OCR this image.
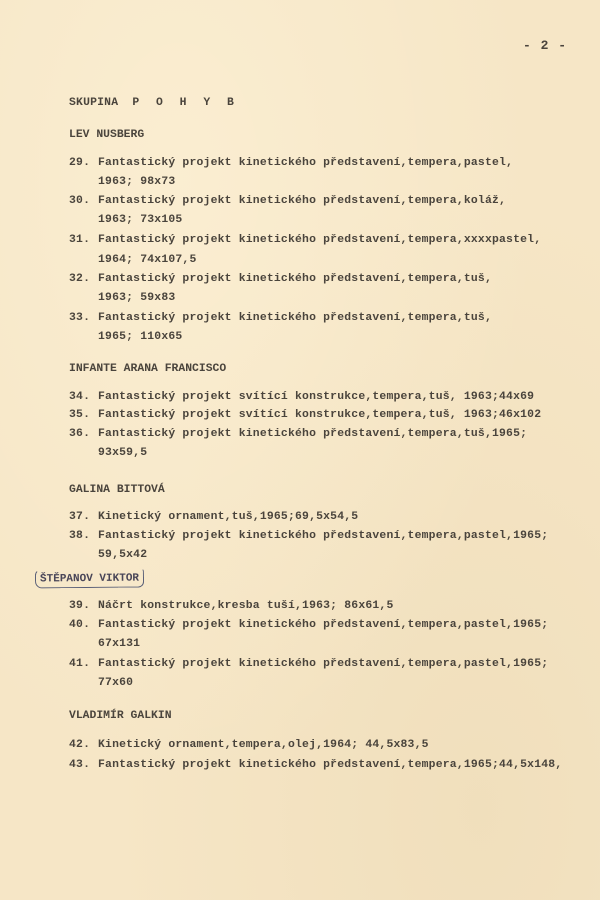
- 2 -
SKUPINA P O H Y B
LEV NUSBERG
29. Fantastický projekt kinetického představení,tempera,pastel,
1963; 98x73
30. Fantastický projekt kinetického představení,tempera,koláž,
1963; 73x105
31. Fantastický projekt kinetického představení,tempera,xxxxpastel,
1964; 74x107,5
32. Fantastický projekt kinetického představení,tempera,tuš,
1963; 59x83
33. Fantastický projekt kinetického představení,tempera,tuš,
1965; 110x65
INFANTE ARANA FRANCISCO
34. Fantastický projekt svítící konstrukce,tempera,tuš, 1963;44x69
35. Fantastický projekt svítící konstrukce,tempera,tuš, 1963;46x102
36. Fantastický projekt kinetického představení,tempera,tuš,1965;
93x59,5
GALINA BITTOVÁ
37. Kinetický ornament,tuš,1965;69,5x54,5
38. Fantastický projekt kinetického představení,tempera,pastel,1965;
59,5x42
ŠTĚPANOV VIKTOR
39. Náčrt konstrukce,kresba tuší,1963; 86x61,5
40. Fantastický projekt kinetického představení,tempera,pastel,1965;
67x131
41. Fantastický projekt kinetického představení,tempera,pastel,1965;
77x60
VLADIMÍR GALKIN
42. Kinetický ornament,tempera,olej,1964; 44,5x83,5
43. Fantastický projekt kinetického představení,tempera,1965;44,5x148,
